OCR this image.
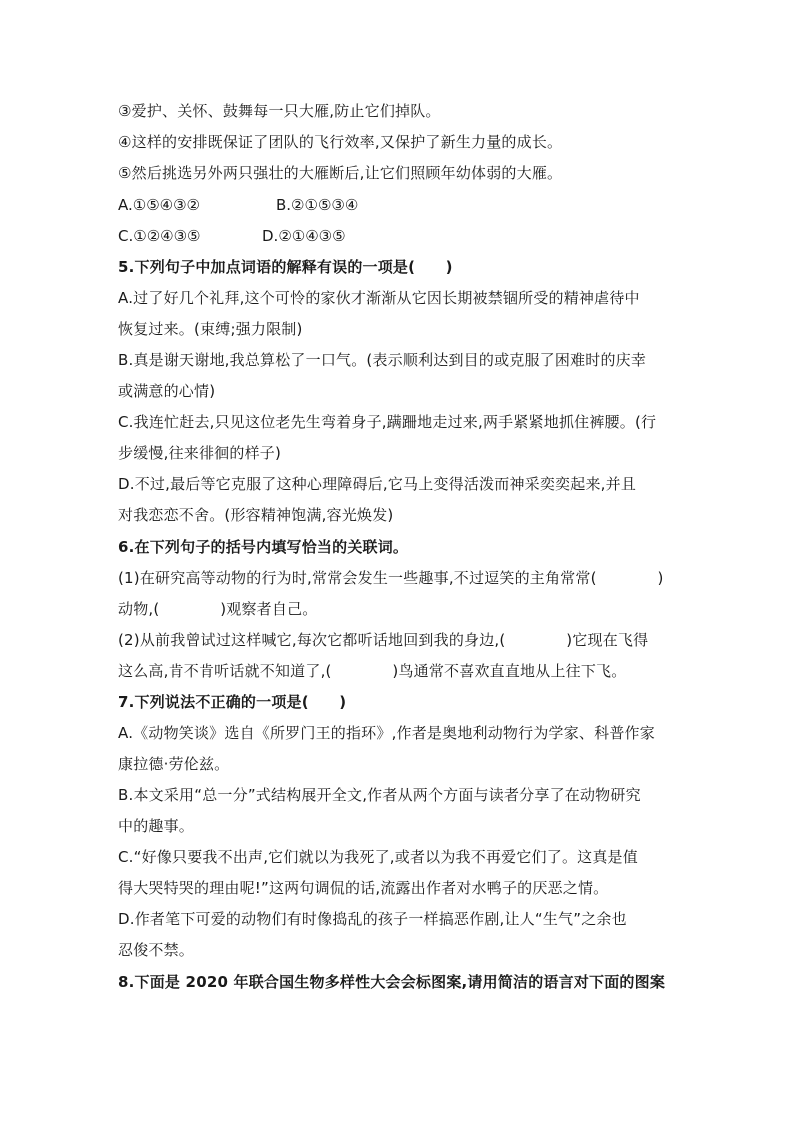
③爱护、关怀、鼓舞每一只大雁,防止它们掉队。
④这样的安排既保证了团队的飞行效率,又保护了新生力量的成长。
⑤然后挑选另外两只强壮的大雁断后,让它们照顾年幼体弱的大雁。
A.①⑤④③②	B.②①⑤③④
C.①②④③⑤	D.②①④③⑤
5.下列句子中加点词语的解释有误的一项是(　　)
A.过了好几个礼拜,这个可怜的家伙才渐渐从它因长期被禁锢所受的精神虐待中
恢复过来。(束缚;强力限制)
B.真是谢天谢地,我总算松了一口气。(表示顺利达到目的或克服了困难时的庆幸
或满意的心情)
C.我连忙赶去,只见这位老先生弯着身子,蹒跚地走过来,两手紧紧地抓住裤腰。(行
步缓慢,往来徘徊的样子)
D.不过,最后等它克服了这种心理障碍后,它马上变得活泼而神采奕奕起来,并且
对我恋恋不舍。(形容精神饱满,容光焕发)
6.在下列句子的括号内填写恰当的关联词。
(1)在研究高等动物的行为时,常常会发生一些趣事,不过逗笑的主角常常(　　　　)
动物,(　　　　)观察者自己。
(2)从前我曾试过这样喊它,每次它都听话地回到我的身边,(　　　　)它现在飞得
这么高,肯不肯听话就不知道了,(　　　　)鸟通常不喜欢直直地从上往下飞。
7.下列说法不正确的一项是(　　)
A.《动物笑谈》选自《所罗门王的指环》,作者是奥地利动物行为学家、科普作家
康拉德·劳伦兹。
B.本文采用“总一分”式结构展开全文,作者从两个方面与读者分享了在动物研究
中的趣事。
C.“好像只要我不出声,它们就以为我死了,或者以为我不再爱它们了。这真是值
得大哭特哭的理由呢!”这两句调侃的话,流露出作者对水鸭子的厌恶之情。
D.作者笔下可爱的动物们有时像捣乱的孩子一样搞恶作剧,让人“生气”之余也
忍俊不禁。
8.下面是 2020 年联合国生物多样性大会会标图案,请用简洁的语言对下面的图案
